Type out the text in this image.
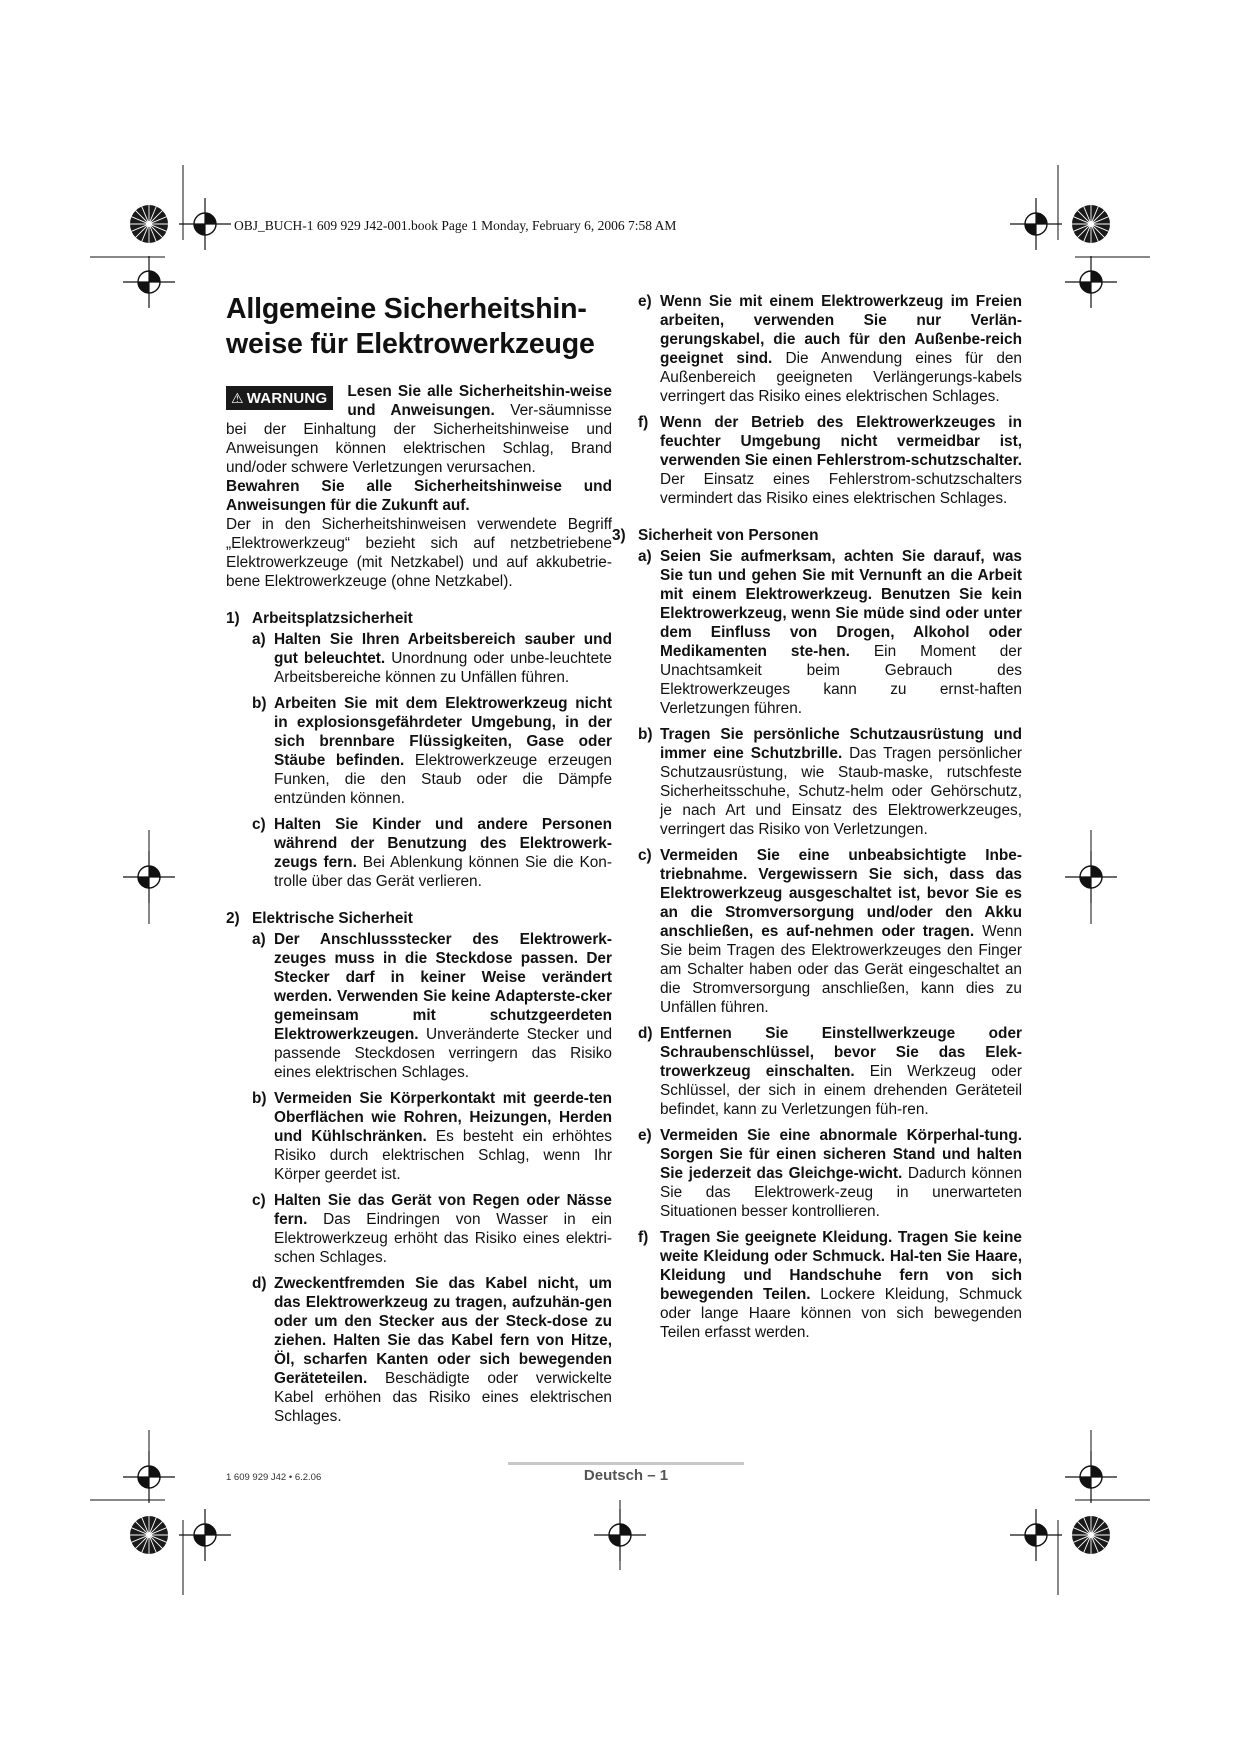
OBJ_BUCH-1 609 929 J42-001.book Page 1 Monday, February 6, 2006 7:58 AM
Allgemeine Sicherheitshin-
weise für Elektrowerkzeuge
⚠ WARNUNG	Lesen Sie alle Sicherheitshin-weise und Anweisungen. Ver-säumnisse bei der Einhaltung der Sicherheitshinweise und Anweisungen können elektrischen Schlag, Brand und/oder schwere Verletzungen verursachen.

Bewahren Sie alle Sicherheitshinweise und Anweisungen für die Zukunft auf.

Der in den Sicherheitshinweisen verwendete Begriff „Elektrowerkzeug“ bezieht sich auf netzbetriebene Elektrowerkzeuge (mit Netzkabel) und auf akkubetrie-bene Elektrowerkzeuge (ohne Netzkabel).

1) Arbeitsplatzsicherheit
a) Halten Sie Ihren Arbeitsbereich sauber und gut beleuchtet. Unordnung oder unbe-leuchtete Arbeitsbereiche können zu Unfällen führen.
b) Arbeiten Sie mit dem Elektrowerkzeug nicht in explosionsgefährdeter Umgebung, in der sich brennbare Flüssigkeiten, Gase oder Stäube befinden. Elektrowerkzeuge erzeugen Funken, die den Staub oder die Dämpfe entzünden können.
c) Halten Sie Kinder und andere Personen während der Benutzung des Elektrowerk-zeugs fern. Bei Ablenkung können Sie die Kon-trolle über das Gerät verlieren.
2) Elektrische Sicherheit
a) Der Anschlussstecker des Elektrowerk-zeuges muss in die Steckdose passen. Der Stecker darf in keiner Weise verändert werden. Verwenden Sie keine Adapterste-cker gemeinsam mit schutzgeerdeten Elektrowerkzeugen. Unveränderte Stecker und passende Steckdosen verringern das Risiko eines elektrischen Schlages.
b) Vermeiden Sie Körperkontakt mit geerde-ten Oberflächen wie Rohren, Heizungen, Herden und Kühlschränken. Es besteht ein erhöhtes Risiko durch elektrischen Schlag, wenn Ihr Körper geerdet ist.
c) Halten Sie das Gerät von Regen oder Nässe fern. Das Eindringen von Wasser in ein Elektrowerkzeug erhöht das Risiko eines elektri-schen Schlages.
d) Zweckentfremden Sie das Kabel nicht, um das Elektrowerkzeug zu tragen, aufzuhän-gen oder um den Stecker aus der Steck-dose zu ziehen. Halten Sie das Kabel fern von Hitze, Öl, scharfen Kanten oder sich bewegenden Geräteteilen. Beschädigte oder verwickelte Kabel erhöhen das Risiko eines elektrischen Schlages.
e) Wenn Sie mit einem Elektrowerkzeug im Freien arbeiten, verwenden Sie nur Verlän-gerungskabel, die auch für den Außenbe-reich geeignet sind. Die Anwendung eines für den Außenbereich geeigneten Verlängerungs-kabels verringert das Risiko eines elektrischen Schlages.
f) Wenn der Betrieb des Elektrowerkzeuges in feuchter Umgebung nicht vermeidbar ist, verwenden Sie einen Fehlerstrom-schutzschalter. Der Einsatz eines Fehlerstrom-schutzschalters vermindert das Risiko eines elektrischen Schlages.
3) Sicherheit von Personen
a) Seien Sie aufmerksam, achten Sie darauf, was Sie tun und gehen Sie mit Vernunft an die Arbeit mit einem Elektrowerkzeug. Benutzen Sie kein Elektrowerkzeug, wenn Sie müde sind oder unter dem Einfluss von Drogen, Alkohol oder Medikamenten ste-hen. Ein Moment der Unachtsamkeit beim Gebrauch des Elektrowerkzeuges kann zu ernst-haften Verletzungen führen.
b) Tragen Sie persönliche Schutzausrüstung und immer eine Schutzbrille. Das Tragen persönlicher Schutzausrüstung, wie Staub-maske, rutschfeste Sicherheitsschuhe, Schutz-helm oder Gehörschutz, je nach Art und Einsatz des Elektrowerkzeuges, verringert das Risiko von Verletzungen.
c) Vermeiden Sie eine unbeabsichtigte Inbe-triebnahme. Vergewissern Sie sich, dass das Elektrowerkzeug ausgeschaltet ist, bevor Sie es an die Stromversorgung und/oder den Akku anschließen, es auf-nehmen oder tragen. Wenn Sie beim Tragen des Elektrowerkzeuges den Finger am Schalter haben oder das Gerät eingeschaltet an die Stromversorgung anschließen, kann dies zu Unfällen führen.
d) Entfernen Sie Einstellwerkzeuge oder Schraubenschlüssel, bevor Sie das Elek-trowerkzeug einschalten. Ein Werkzeug oder Schlüssel, der sich in einem drehenden Geräteteil befindet, kann zu Verletzungen füh-ren.
e) Vermeiden Sie eine abnormale Körperhal-tung. Sorgen Sie für einen sicheren Stand und halten Sie jederzeit das Gleichge-wicht. Dadurch können Sie das Elektrowerk-zeug in unerwarteten Situationen besser kontrollieren.
f) Tragen Sie geeignete Kleidung. Tragen Sie keine weite Kleidung oder Schmuck. Hal-ten Sie Haare, Kleidung und Handschuhe fern von sich bewegenden Teilen. Lockere Kleidung, Schmuck oder lange Haare können von sich bewegenden Teilen erfasst werden.
1 609 929 J42 • 6.2.06	Deutsch – 1
